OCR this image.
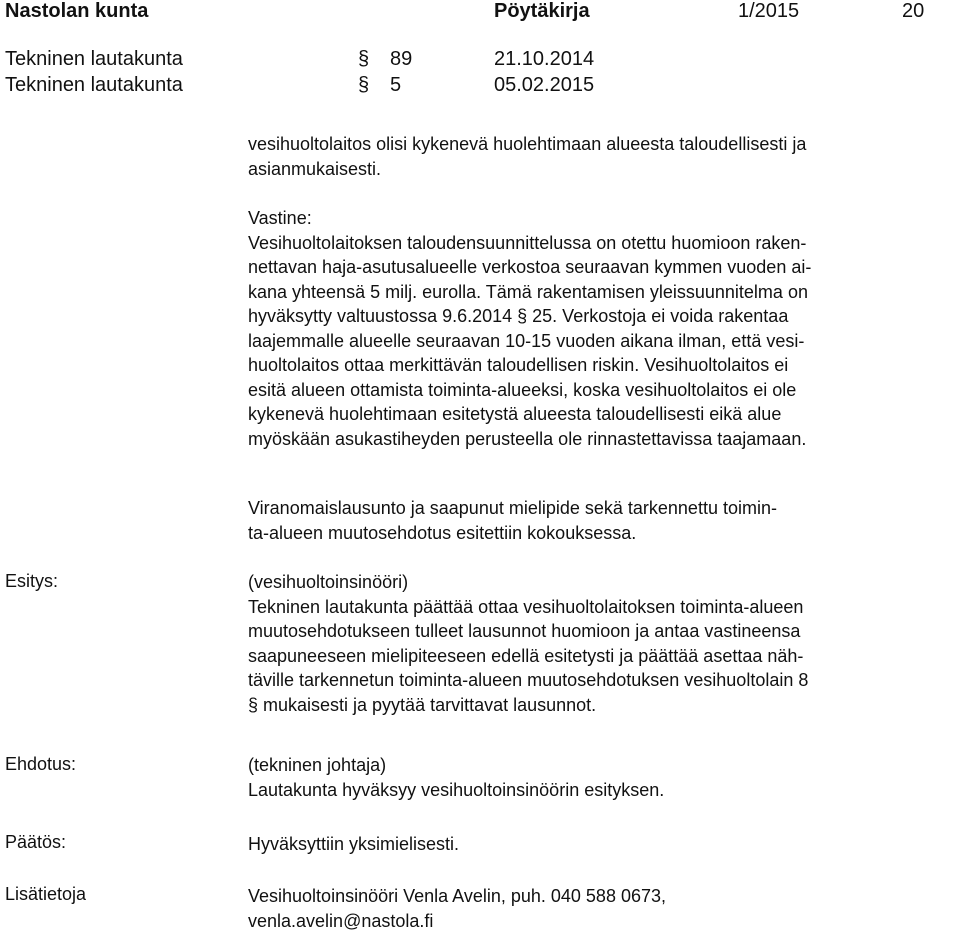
Nastolan kunta	Pöytäkirja	1/2015	20
Tekninen lautakunta	§ 89	21.10.2014
Tekninen lautakunta	§ 5	05.02.2015
vesihuoltolaitos olisi kykenevä huolehtimaan alueesta taloudellisesti ja
asianmukaisesti.
Vastine:
Vesihuoltolaitoksen taloudensuunnittelussa on otettu huomioon raken-
nettavan haja-asutusalueelle verkostoa seuraavan kymmen vuoden ai-
kana yhteensä 5 milj. eurolla. Tämä rakentamisen yleissuunnitelma on
hyväksytty valtuustossa 9.6.2014 § 25. Verkostoja ei voida rakentaa
laajemmalle alueelle seuraavan 10-15 vuoden aikana ilman, että vesi-
huoltolaitos ottaa merkittävän taloudellisen riskin. Vesihuoltolaitos ei
esitä alueen ottamista toiminta-alueeksi, koska vesihuoltolaitos ei ole
kykenevä huolehtimaan esitetystä alueesta taloudellisesti eikä alue
myöskään asukastiheyden perusteella ole rinnastettavissa taajamaan.
Viranomaislausunto ja saapunut mielipide sekä tarkennettu toimin-
ta-alueen muutosehdotus esitettiin kokouksessa.
Esitys:	(vesihuoltoinsinööri)
Tekninen lautakunta päättää ottaa vesihuoltolaitoksen toiminta-alueen
muutosehdotukseen tulleet lausunnot huomioon ja antaa vastineensa
saapuneeseen mielipiteeseen edellä esitetysti ja päättää asettaa näh-
täville tarkennetun toiminta-alueen muutosehdotuksen vesihuoltolain 8
§ mukaisesti ja pyytää tarvittavat lausunnot.
Ehdotus:	(tekninen johtaja)
Lautakunta hyväksyy vesihuoltoinsinöörin esityksen.
Päätös:	Hyväksyttiin yksimielisesti.
Lisätietoja	Vesihuoltoinsinööri Venla Avelin, puh. 040 588 0673,
venla.avelin@nastola.fi
